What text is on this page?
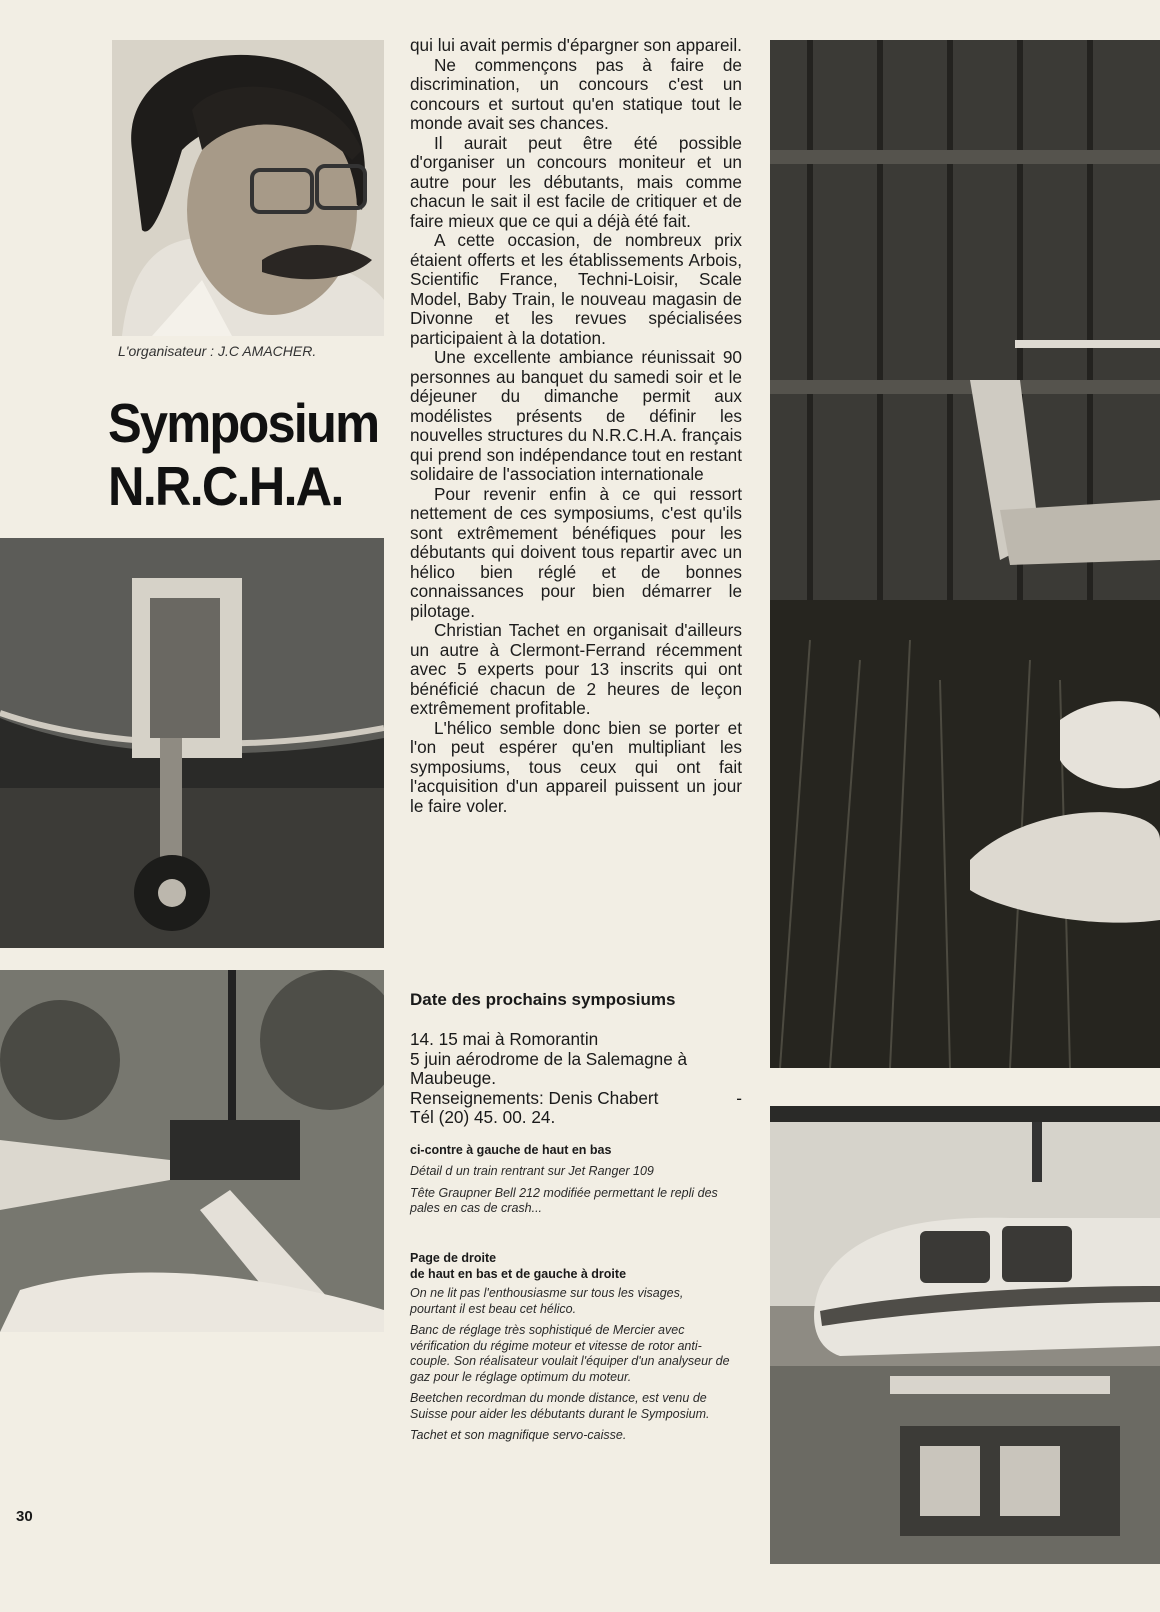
L'organisateur : J.C AMACHER.
Symposium
N.R.C.H.A.

qui lui avait permis d'épargner son appareil.

Ne commençons pas à faire de discrimination, un concours c'est un concours et surtout qu'en statique tout le monde avait ses chances.

Il aurait peut être été possible d'organiser un concours moniteur et un autre pour les débutants, mais comme chacun le sait il est facile de critiquer et de faire mieux que ce qui a déjà été fait.

A cette occasion, de nombreux prix étaient offerts et les établissements Arbois, Scientific France, Techni-Loisir, Scale Model, Baby Train, le nouveau magasin de Divonne et les revues spécialisées participaient à la dotation.

Une excellente ambiance réunissait 90 personnes au banquet du samedi soir et le déjeuner du dimanche permit aux modélistes présents de définir les nouvelles structures du N.R.C.H.A. français qui prend son indépendance tout en restant solidaire de l'association internationale

Pour revenir enfin à ce qui ressort nettement de ces symposiums, c'est qu'ils sont extrêmement bénéfiques pour les débutants qui doivent tous repartir avec un hélico bien réglé et de bonnes connaissances pour bien démarrer le pilotage.

Christian Tachet en organisait d'ailleurs un autre à Clermont-Ferrand récemment avec 5 experts pour 13 inscrits qui ont bénéficié chacun de 2 heures de leçon extrêmement profitable.

L'hélico semble donc bien se porter et l'on peut espérer qu'en multipliant les symposiums, tous ceux qui ont fait l'acquisition d'un appareil puissent un jour le faire voler.

Date des prochains symposiums
14. 15 mai à Romorantin
5 juin aérodrome de la Salemagne à
Maubeuge.
Renseignements: Denis Chabert	-
Tél (20) 45. 00. 24.
ci-contre à gauche de haut en bas

Détail d un train rentrant sur Jet Ranger 109

Tête Graupner Bell 212 modifiée permettant le repli des pales en cas de crash...

Page de droite
de haut en bas et de gauche à droite

On ne lit pas l'enthousiasme sur tous les visages, pourtant il est beau cet hélico.

Banc de réglage très sophistiqué de Mercier avec vérification du régime moteur et vitesse de rotor anti-couple. Son réalisateur voulait l'équiper d'un analyseur de gaz pour le réglage optimum du moteur.

Beetchen recordman du monde distance, est venu de Suisse pour aider les débutants durant le Symposium.

Tachet et son magnifique servo-caisse.

30
